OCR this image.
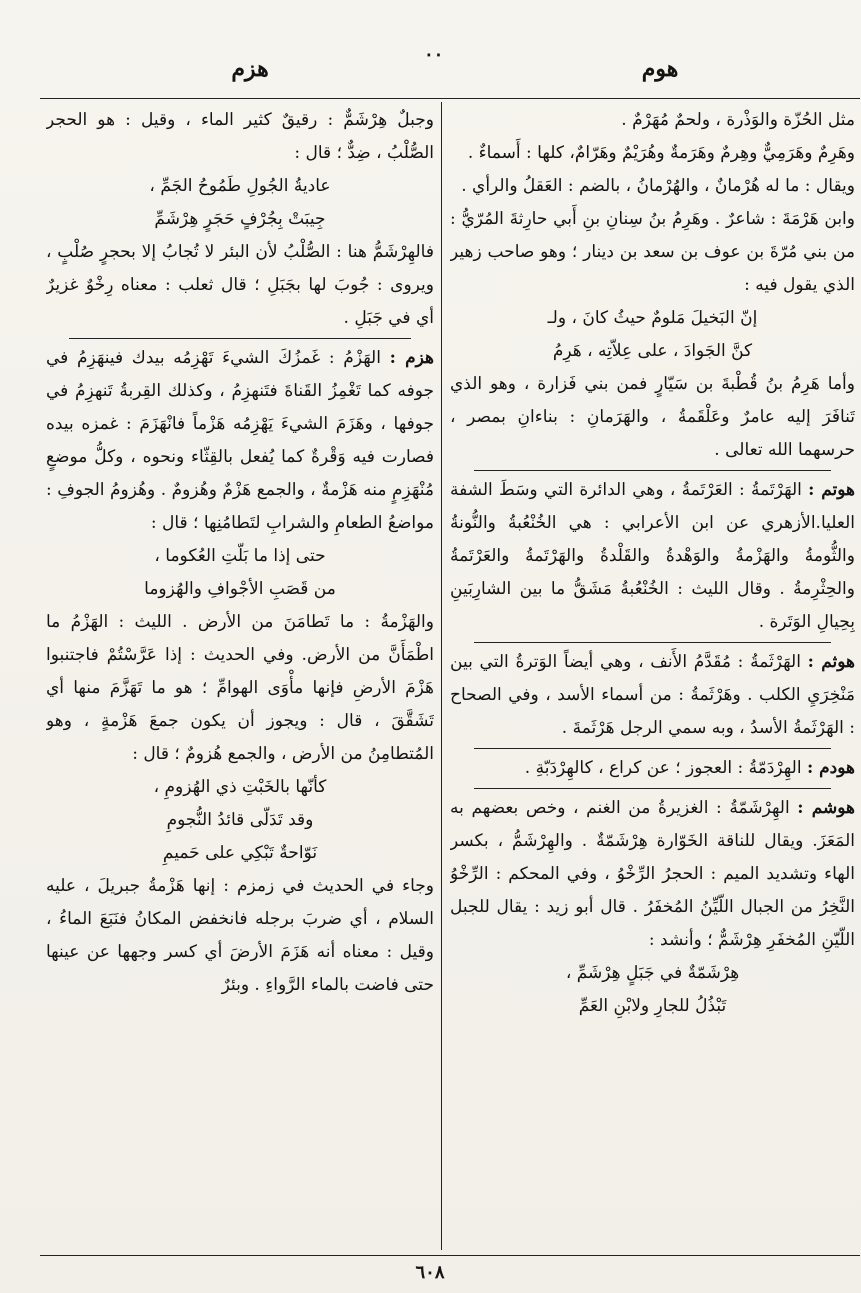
٠٠
هوم
هزم

مثل الحُزّة والوَذْرة ، ولحمٌ مُهَرْمٌ .

وهَرِمٌ وهَرَمِيٌّ وهِرمٌ وهَرَمةٌ وهُرَيْمٌ وهَرّامٌ، كلها : أَسماءٌ .

ويقال : ما له هُرْمانٌ ، والهُرْمانُ ، بالضم : العَقلُ والرأي .

وابن هَرْمَةَ : شاعرٌ . وهَرِمُ بنُ سِنانِ بنِ أَبي حارِثةَ المُرّيُّ : من بني مُرّةَ بن عوف بن سعد بن دينار ؛ وهو صاحب زهير الذي يقول فيه :

إنّ البَخيلَ مَلومٌ حيثُ كانَ ، ولـ

كنَّ الجَوادَ ، على عِلاّتِه ، هَرِمُ

وأما هَرِمُ بنُ قُطْبةَ بن سَيّارٍ فمن بني فَزارة ، وهو الذي تَنافَرَ إليه عامرٌ وعَلْقَمةُ ، والهَرَمانِ : بناءانِ بمصر ، حرسهما الله تعالى .

هوتم : الهَرْتَمةُ : العَرْتَمةُ ، وهي الدائرة التي وسَطَ الشفة العليا.الأزهري عن ابن الأعرابي : هي الخُنْعُبةُ والنُّونةُ والثُّومةُ والهَزْمةُ والوَهْدةُ والقَلْدةُ والهَرْتَمةُ والعَرْتَمةُ والحِثْرِمةُ . وقال الليث : الخُنْعُبةُ مَشَقُّ ما بين الشارِبَينِ بِحِيالِ الوَتَرة .

هوثم : الهَرْثَمةُ : مُقَدَّمُ الأَنف ، وهي أيضاً الوَترةُ التي بين مَنْخِرَيِ الكلب . وهَرْثَمةُ : من أسماء الأسد ، وفي الصحاح : الهَرْثَمةُ الأسدُ ، وبه سمي الرجل هَرْثَمةَ .

هودم : الهِرْدَمّةُ : العجوز ؛ عن كراع ، كالهِرْدَبّةِ .

هوشم : الهِرْشَمّةُ : الغزيرةُ من الغنم ، وخص بعضهم به المَعَزَ. ويقال للناقة الخَوّارة هِرْشَمّةٌ . والهِرْشَمُّ ، بكسر الهاء وتشديد الميم : الحجرُ الرِّخْوُ ، وفي المحكم : الرِّخْوُ النَّخِرُ من الجبال اللّيِّنُ المُخفَرُ . قال أبو زيد : يقال للجبل اللّيّنِ المُخفَرِ هِرْشَمٌّ ؛ وأنشد :

هِرْشَمّةٌ في جَبَلٍ هِرْشَمِّ ،

تَبْذُلُ للجارِ ولابْنِ العَمِّ

وجبلٌ هِرْشَمٌّ : رقيقٌ كثير الماء ، وقيل : هو الحجر الصُّلْبُ ، ضِدٌّ ؛ قال :

عاديةُ الجُولِ طَمُوحُ الجَمِّ ،

جِيبَتْ بِجُرْفٍ حَجَرٍ هِرْشَمِّ

فالهِرْشَمُّ هنا : الصُّلْبُ لأن البئر لا تُجابُ إلا بحجرٍ صُلْبٍ ، ويروى : جُوبَ لها بجَبَلِ ؛ قال ثعلب : معناه رِخْوٌ غزيرٌ أي في جَبَلِ .

هزم : الهَزْمُ : غَمزُكَ الشيءَ تَهْزِمُه بيدك فينهَزِمُ في جوفه كما تَغْمِزُ القَناةَ فتَنهزِمُ ، وكذلك القِربةُ تَنهزِمُ في جوفها ، وهَزَمَ الشيءَ يَهْزِمُه هَزْماً فانْهَزَمَ : غمزه بيده فصارت فيه وَقْرةٌ كما يُفعل بالقِثّاء ونحوه ، وكلُّ موضعٍ مُنْهَزِمٍ منه هَزْمةٌ ، والجمع هَزْمٌ وهُزومٌ . وهُزومُ الجوفِ : مواضعُ الطعامِ والشرابِ لتَطامُنِها ؛ قال :

حتى إذا ما بَلّتِ العُكوما ،

من قَصَبِ الأجْوافِ والهُزوما

والهَزْمةُ : ما تَطامَنَ من الأرض . الليث : الهَزْمُ ما اطْمَأَنَّ من الأرض. وفي الحديث : إذا عَرَّسْتُمْ فاجتنبوا هَزْمَ الأرضِ فإنها مأْوَى الهوامِّ ؛ هو ما تَهَزَّمَ منها أي تَشَقَّقَ ، قال : ويجوز أن يكون جمعَ هَزْمةٍ ، وهو المُتطامِنُ من الأرض ، والجمع هُزومٌ ؛ قال :

كأنّها بالخَبْتِ ذي الهُزومِ ،

وقد تَدَلّى قائدُ النُّجومِ

نَوّاحةٌ تَبْكِي على حَميمِ

وجاء في الحديث في زمزم : إنها هَزْمةُ جبريلَ ، عليه السلام ، أي ضربَ برجله فانخفض المكانُ فنَبَعَ الماءُ ، وقيل : معناه أنه هَزَمَ الأرضَ أي كسر وجهها عن عينها حتى فاضت بالماء الرَّواءِ . وبئرٌ

٦٠٨
